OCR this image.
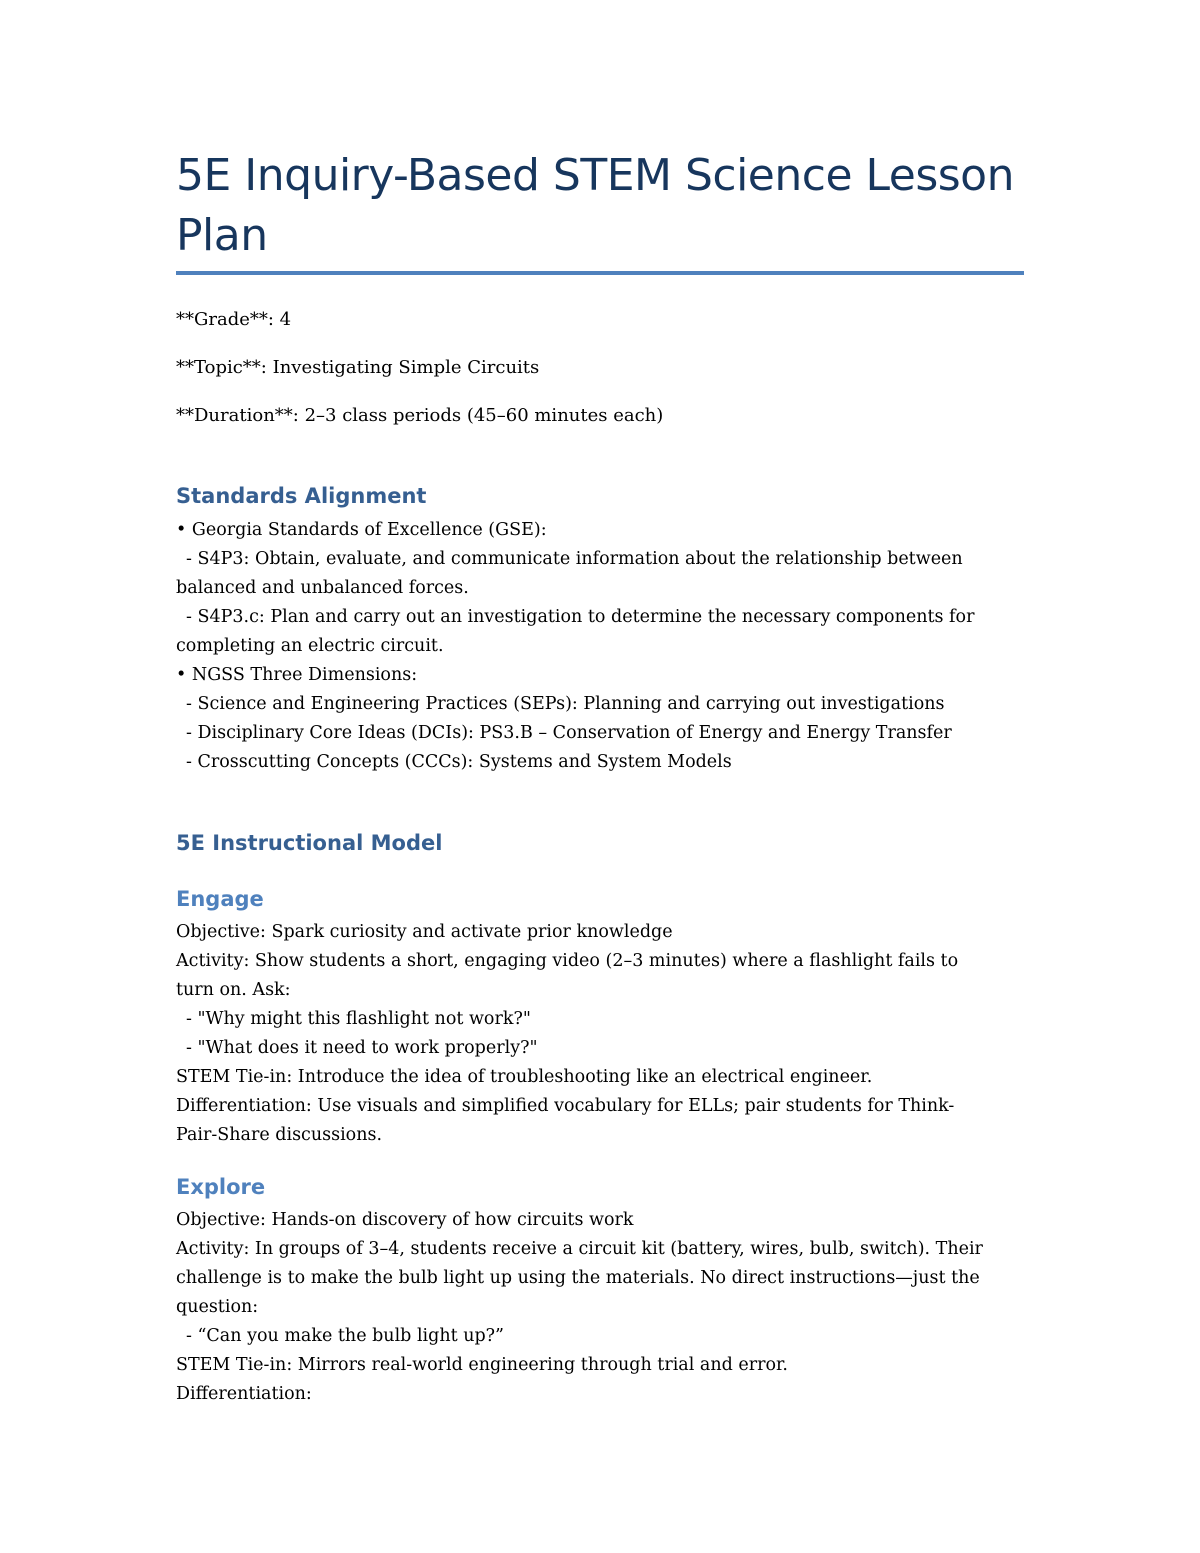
5E Inquiry-Based STEM Science Lesson Plan

**Grade**: 4

**Topic**: Investigating Simple Circuits

**Duration**: 2–3 class periods (45–60 minutes each)

Standards Alignment
• Georgia Standards of Excellence (GSE):
- S4P3: Obtain, evaluate, and communicate information about the relationship between
balanced and unbalanced forces.
- S4P3.c: Plan and carry out an investigation to determine the necessary components for
completing an electric circuit.
• NGSS Three Dimensions:
- Science and Engineering Practices (SEPs): Planning and carrying out investigations
- Disciplinary Core Ideas (DCIs): PS3.B – Conservation of Energy and Energy Transfer
- Crosscutting Concepts (CCCs): Systems and System Models
5E Instructional Model
Engage
Objective: Spark curiosity and activate prior knowledge
Activity: Show students a short, engaging video (2–3 minutes) where a flashlight fails to
turn on. Ask:
- "Why might this flashlight not work?"
- "What does it need to work properly?"
STEM Tie-in: Introduce the idea of troubleshooting like an electrical engineer.
Differentiation: Use visuals and simplified vocabulary for ELLs; pair students for Think-
Pair-Share discussions.
Explore
Objective: Hands-on discovery of how circuits work
Activity: In groups of 3–4, students receive a circuit kit (battery, wires, bulb, switch). Their
challenge is to make the bulb light up using the materials. No direct instructions—just the
question:
- “Can you make the bulb light up?”
STEM Tie-in: Mirrors real-world engineering through trial and error.
Differentiation:
